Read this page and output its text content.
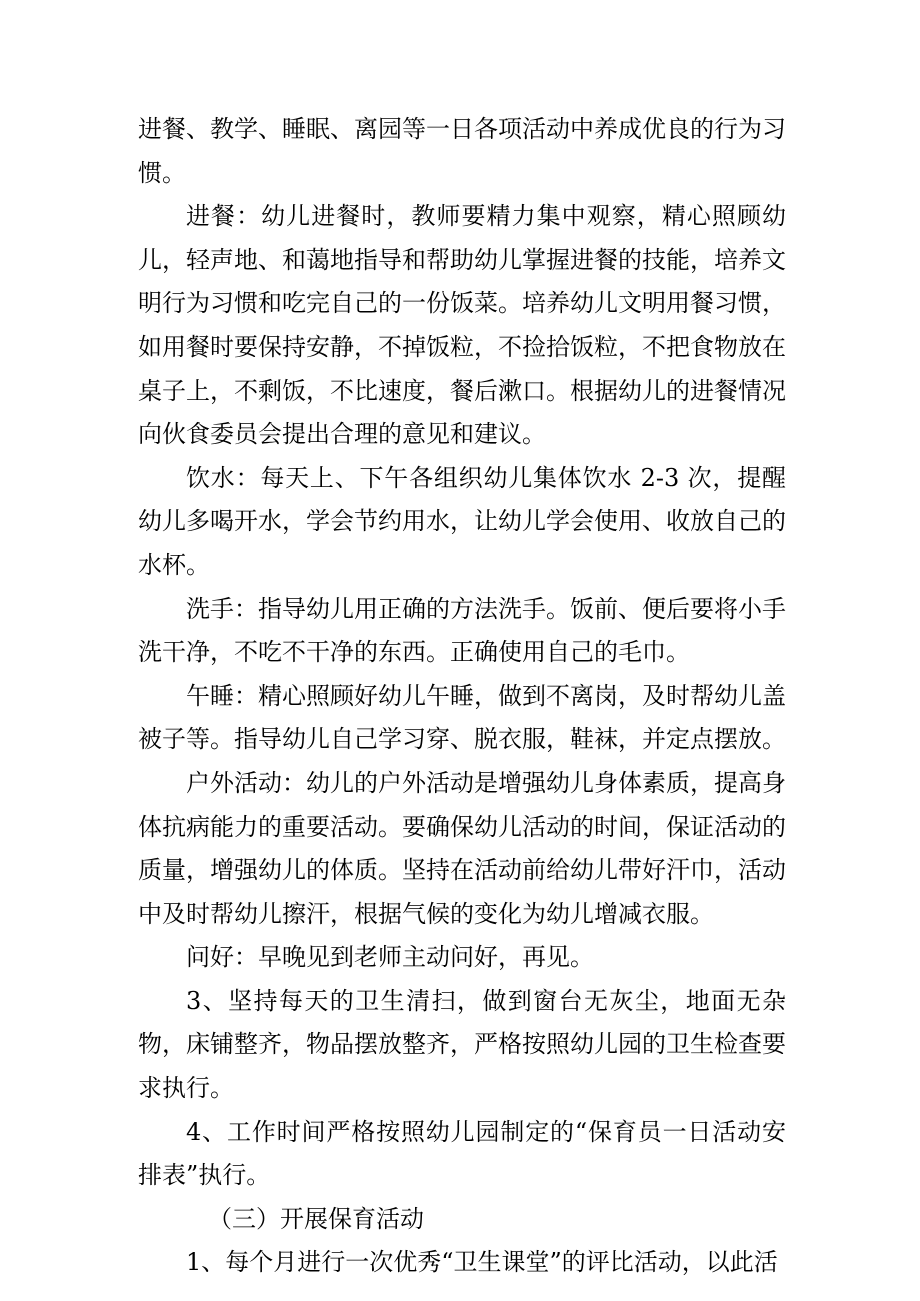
进餐、教学、睡眠、离园等一日各项活动中养成优良的行为习惯。

进餐：幼儿进餐时，教师要精力集中观察，精心照顾幼儿，轻声地、和蔼地指导和帮助幼儿掌握进餐的技能，培养文明行为习惯和吃完自己的一份饭菜。培养幼儿文明用餐习惯，如用餐时要保持安静，不掉饭粒，不捡拾饭粒，不把食物放在桌子上，不剩饭，不比速度，餐后漱口。根据幼儿的进餐情况向伙食委员会提出合理的意见和建议。

饮水：每天上、下午各组织幼儿集体饮水 2-3 次，提醒幼儿多喝开水，学会节约用水，让幼儿学会使用、收放自己的水杯。

洗手：指导幼儿用正确的方法洗手。饭前、便后要将小手洗干净，不吃不干净的东西。正确使用自己的毛巾。

午睡：精心照顾好幼儿午睡，做到不离岗，及时帮幼儿盖被子等。指导幼儿自己学习穿、脱衣服，鞋袜，并定点摆放。

户外活动：幼儿的户外活动是增强幼儿身体素质，提高身体抗病能力的重要活动。要确保幼儿活动的时间，保证活动的质量，增强幼儿的体质。坚持在活动前给幼儿带好汗巾，活动中及时帮幼儿擦汗，根据气候的变化为幼儿增减衣服。

问好：早晚见到老师主动问好，再见。

3、坚持每天的卫生清扫，做到窗台无灰尘，地面无杂物，床铺整齐，物品摆放整齐，严格按照幼儿园的卫生检查要求执行。

4、工作时间严格按照幼儿园制定的“保育员一日活动安排表”执行。

（三）开展保育活动

1、每个月进行一次优秀“卫生课堂”的评比活动，以此活
